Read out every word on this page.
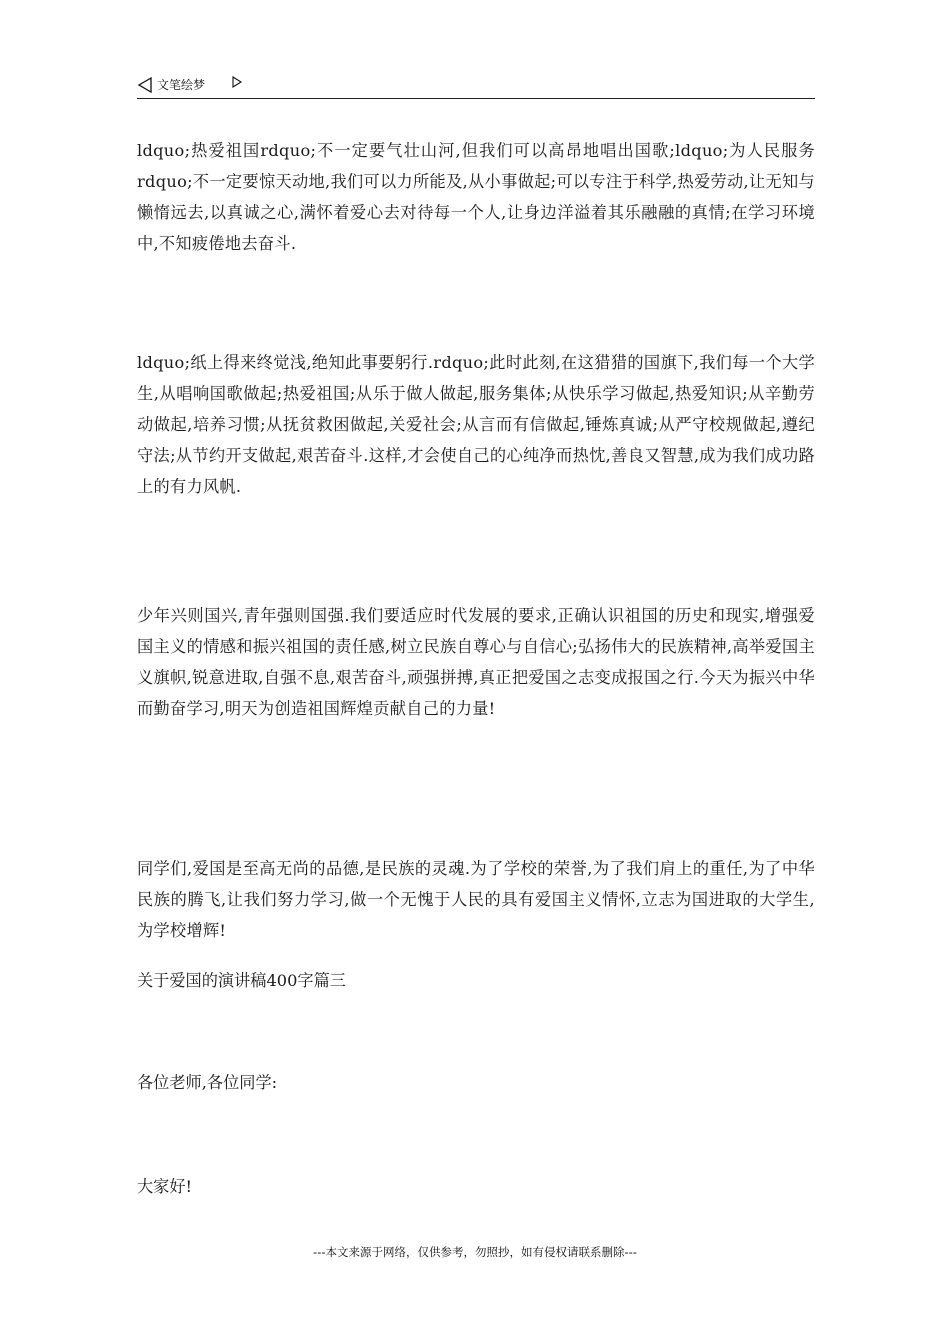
文笔绘梦

ldquo;热爱祖国rdquo;不一定要气壮山河,但我们可以高昂地唱出国歌;ldquo;为人民服务rdquo;不一定要惊天动地,我们可以力所能及,从小事做起;可以专注于科学,热爱劳动,让无知与懒惰远去,以真诚之心,满怀着爱心去对待每一个人,让身边洋溢着其乐融融的真情;在学习环境中,不知疲倦地去奋斗.

ldquo;纸上得来终觉浅,绝知此事要躬行.rdquo;此时此刻,在这猎猎的国旗下,我们每一个大学生,从唱响国歌做起;热爱祖国;从乐于做人做起,服务集体;从快乐学习做起,热爱知识;从辛勤劳动做起,培养习惯;从抚贫救困做起,关爱社会;从言而有信做起,锤炼真诚;从严守校规做起,遵纪守法;从节约开支做起,艰苦奋斗.这样,才会使自己的心纯净而热忱,善良又智慧,成为我们成功路上的有力风帆.

少年兴则国兴,青年强则国强.我们要适应时代发展的要求,正确认识祖国的历史和现实,增强爱国主义的情感和振兴祖国的责任感,树立民族自尊心与自信心;弘扬伟大的民族精神,高举爱国主义旗帜,锐意进取,自强不息,艰苦奋斗,顽强拼搏,真正把爱国之志变成报国之行.今天为振兴中华而勤奋学习,明天为创造祖国辉煌贡献自己的力量!

同学们,爱国是至高无尚的品德,是民族的灵魂.为了学校的荣誉,为了我们肩上的重任,为了中华民族的腾飞,让我们努力学习,做一个无愧于人民的具有爱国主义情怀,立志为国进取的大学生,为学校增辉!

关于爱国的演讲稿400字篇三

各位老师,各位同学:

大家好!

---本文来源于网络，仅供参考，勿照抄，如有侵权请联系删除---
